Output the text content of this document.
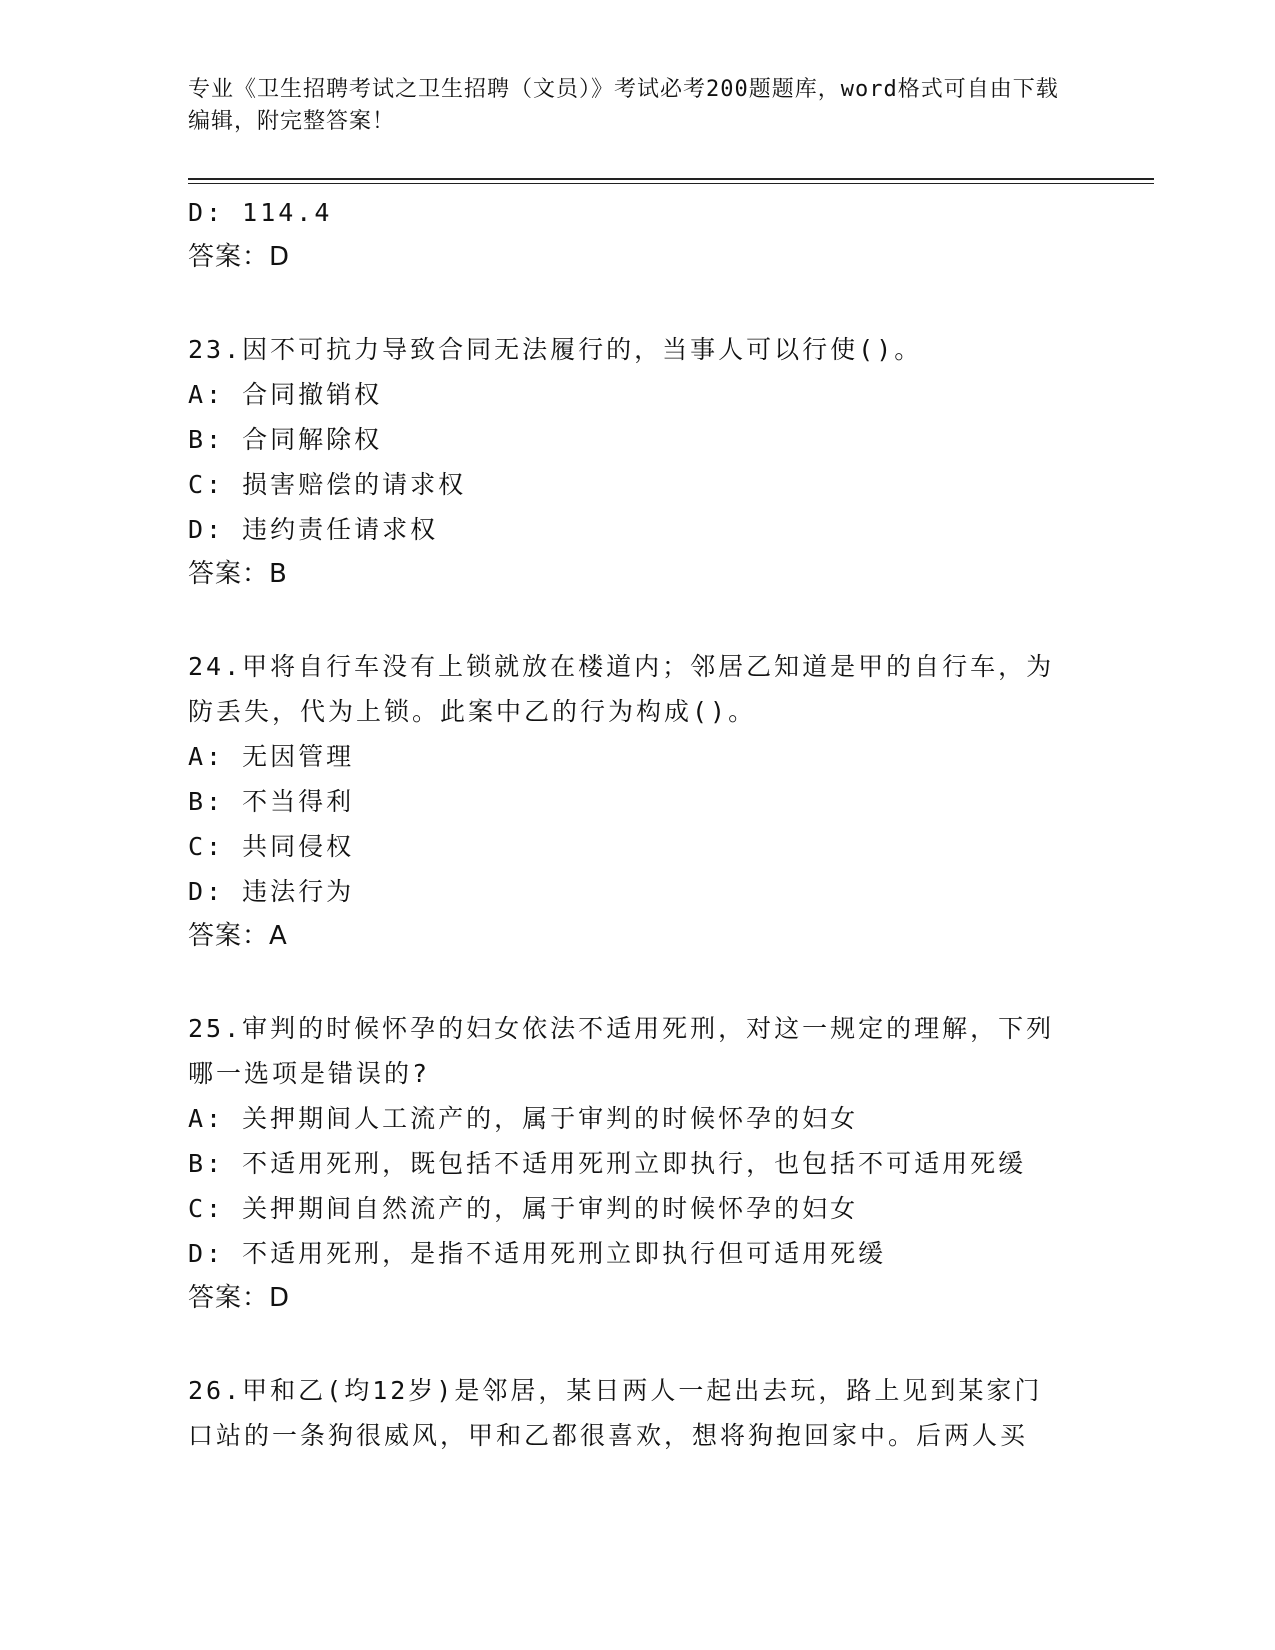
专业《卫生招聘考试之卫生招聘（文员）》考试必考200题题库，word格式可自由下载编辑，附完整答案！
D: 114.4
答案：D
23.因不可抗力导致合同无法履行的，当事人可以行使()。
A: 合同撤销权
B: 合同解除权
C: 损害赔偿的请求权
D: 违约责任请求权
答案：B
24.甲将自行车没有上锁就放在楼道内；邻居乙知道是甲的自行车，为防丢失，代为上锁。此案中乙的行为构成()。
A: 无因管理
B: 不当得利
C: 共同侵权
D: 违法行为
答案：A
25.审判的时候怀孕的妇女依法不适用死刑，对这一规定的理解，下列哪一选项是错误的?
A: 关押期间人工流产的，属于审判的时候怀孕的妇女
B: 不适用死刑，既包括不适用死刑立即执行，也包括不可适用死缓
C: 关押期间自然流产的，属于审判的时候怀孕的妇女
D: 不适用死刑，是指不适用死刑立即执行但可适用死缓
答案：D
26.甲和乙(均12岁)是邻居，某日两人一起出去玩，路上见到某家门口站的一条狗很威风，甲和乙都很喜欢，想将狗抱回家中。后两人买
